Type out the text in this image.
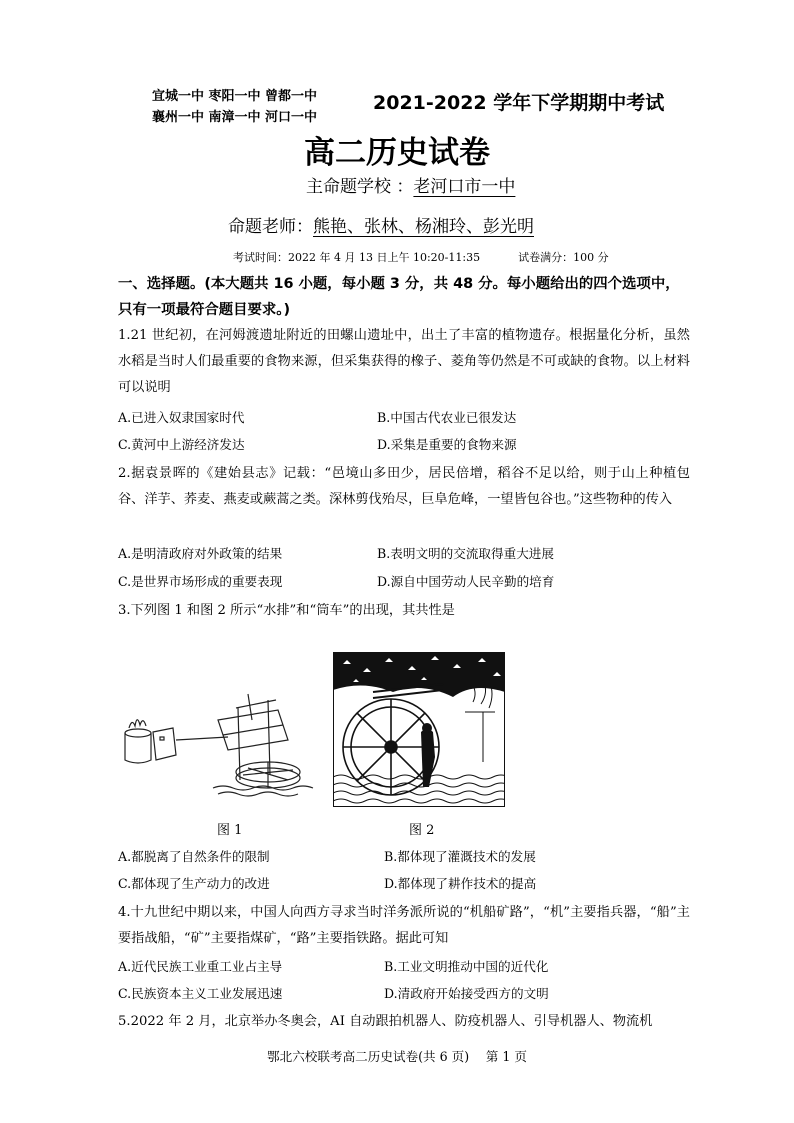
宜城一中 枣阳一中 曾都一中
襄州一中 南漳一中 河口一中
2021-2022 学年下学期期中考试
高二历史试卷
主命题学校 ：老河口市一中
命题老师：熊艳、张林、杨湘玲、彭光明
考试时间：2022 年 4 月 13 日上午 10:20-11:35	试卷满分：100 分
一、选择题。(本大题共 16 小题，每小题 3 分，共 48 分。每小题给出的四个选项中，只有一项最符合题目要求。)
1.21 世纪初，在河姆渡遗址附近的田螺山遗址中，出土了丰富的植物遗存。根据量化分析，虽然水稻是当时人们最重要的食物来源，但采集获得的橡子、菱角等仍然是不可或缺的食物。以上材料可以说明
A.已进入奴隶国家时代	B.中国古代农业已很发达
C.黄河中上游经济发达	D.采集是重要的食物来源
2.据袁景晖的《建始县志》记载：“邑境山多田少，居民倍增，稻谷不足以给，则于山上种植包谷、洋芋、荞麦、燕麦或蕨蒿之类。深林剪伐殆尽，巨阜危峰，一望皆包谷也。”这些物种的传入
A.是明清政府对外政策的结果	B.表明文明的交流取得重大进展
C.是世界市场形成的重要表现	D.源自中国劳动人民辛勤的培育
3.下列图 1 和图 2 所示“水排”和“筒车”的出现，其共性是
图 1	图 2
A.都脱离了自然条件的限制	B.都体现了灌溉技术的发展
C.都体现了生产动力的改进	D.都体现了耕作技术的提高
4.十九世纪中期以来，中国人向西方寻求当时洋务派所说的“机船矿路”，“机”主要指兵器，“船”主要指战船，“矿”主要指煤矿，“路”主要指铁路。据此可知
A.近代民族工业重工业占主导	B.工业文明推动中国的近代化
C.民族资本主义工业发展迅速	D.清政府开始接受西方的文明
5.2022 年 2 月，北京举办冬奥会，AI 自动跟拍机器人、防疫机器人、引导机器人、物流机
鄂北六校联考高二历史试卷(共 6 页)　 第 1 页
